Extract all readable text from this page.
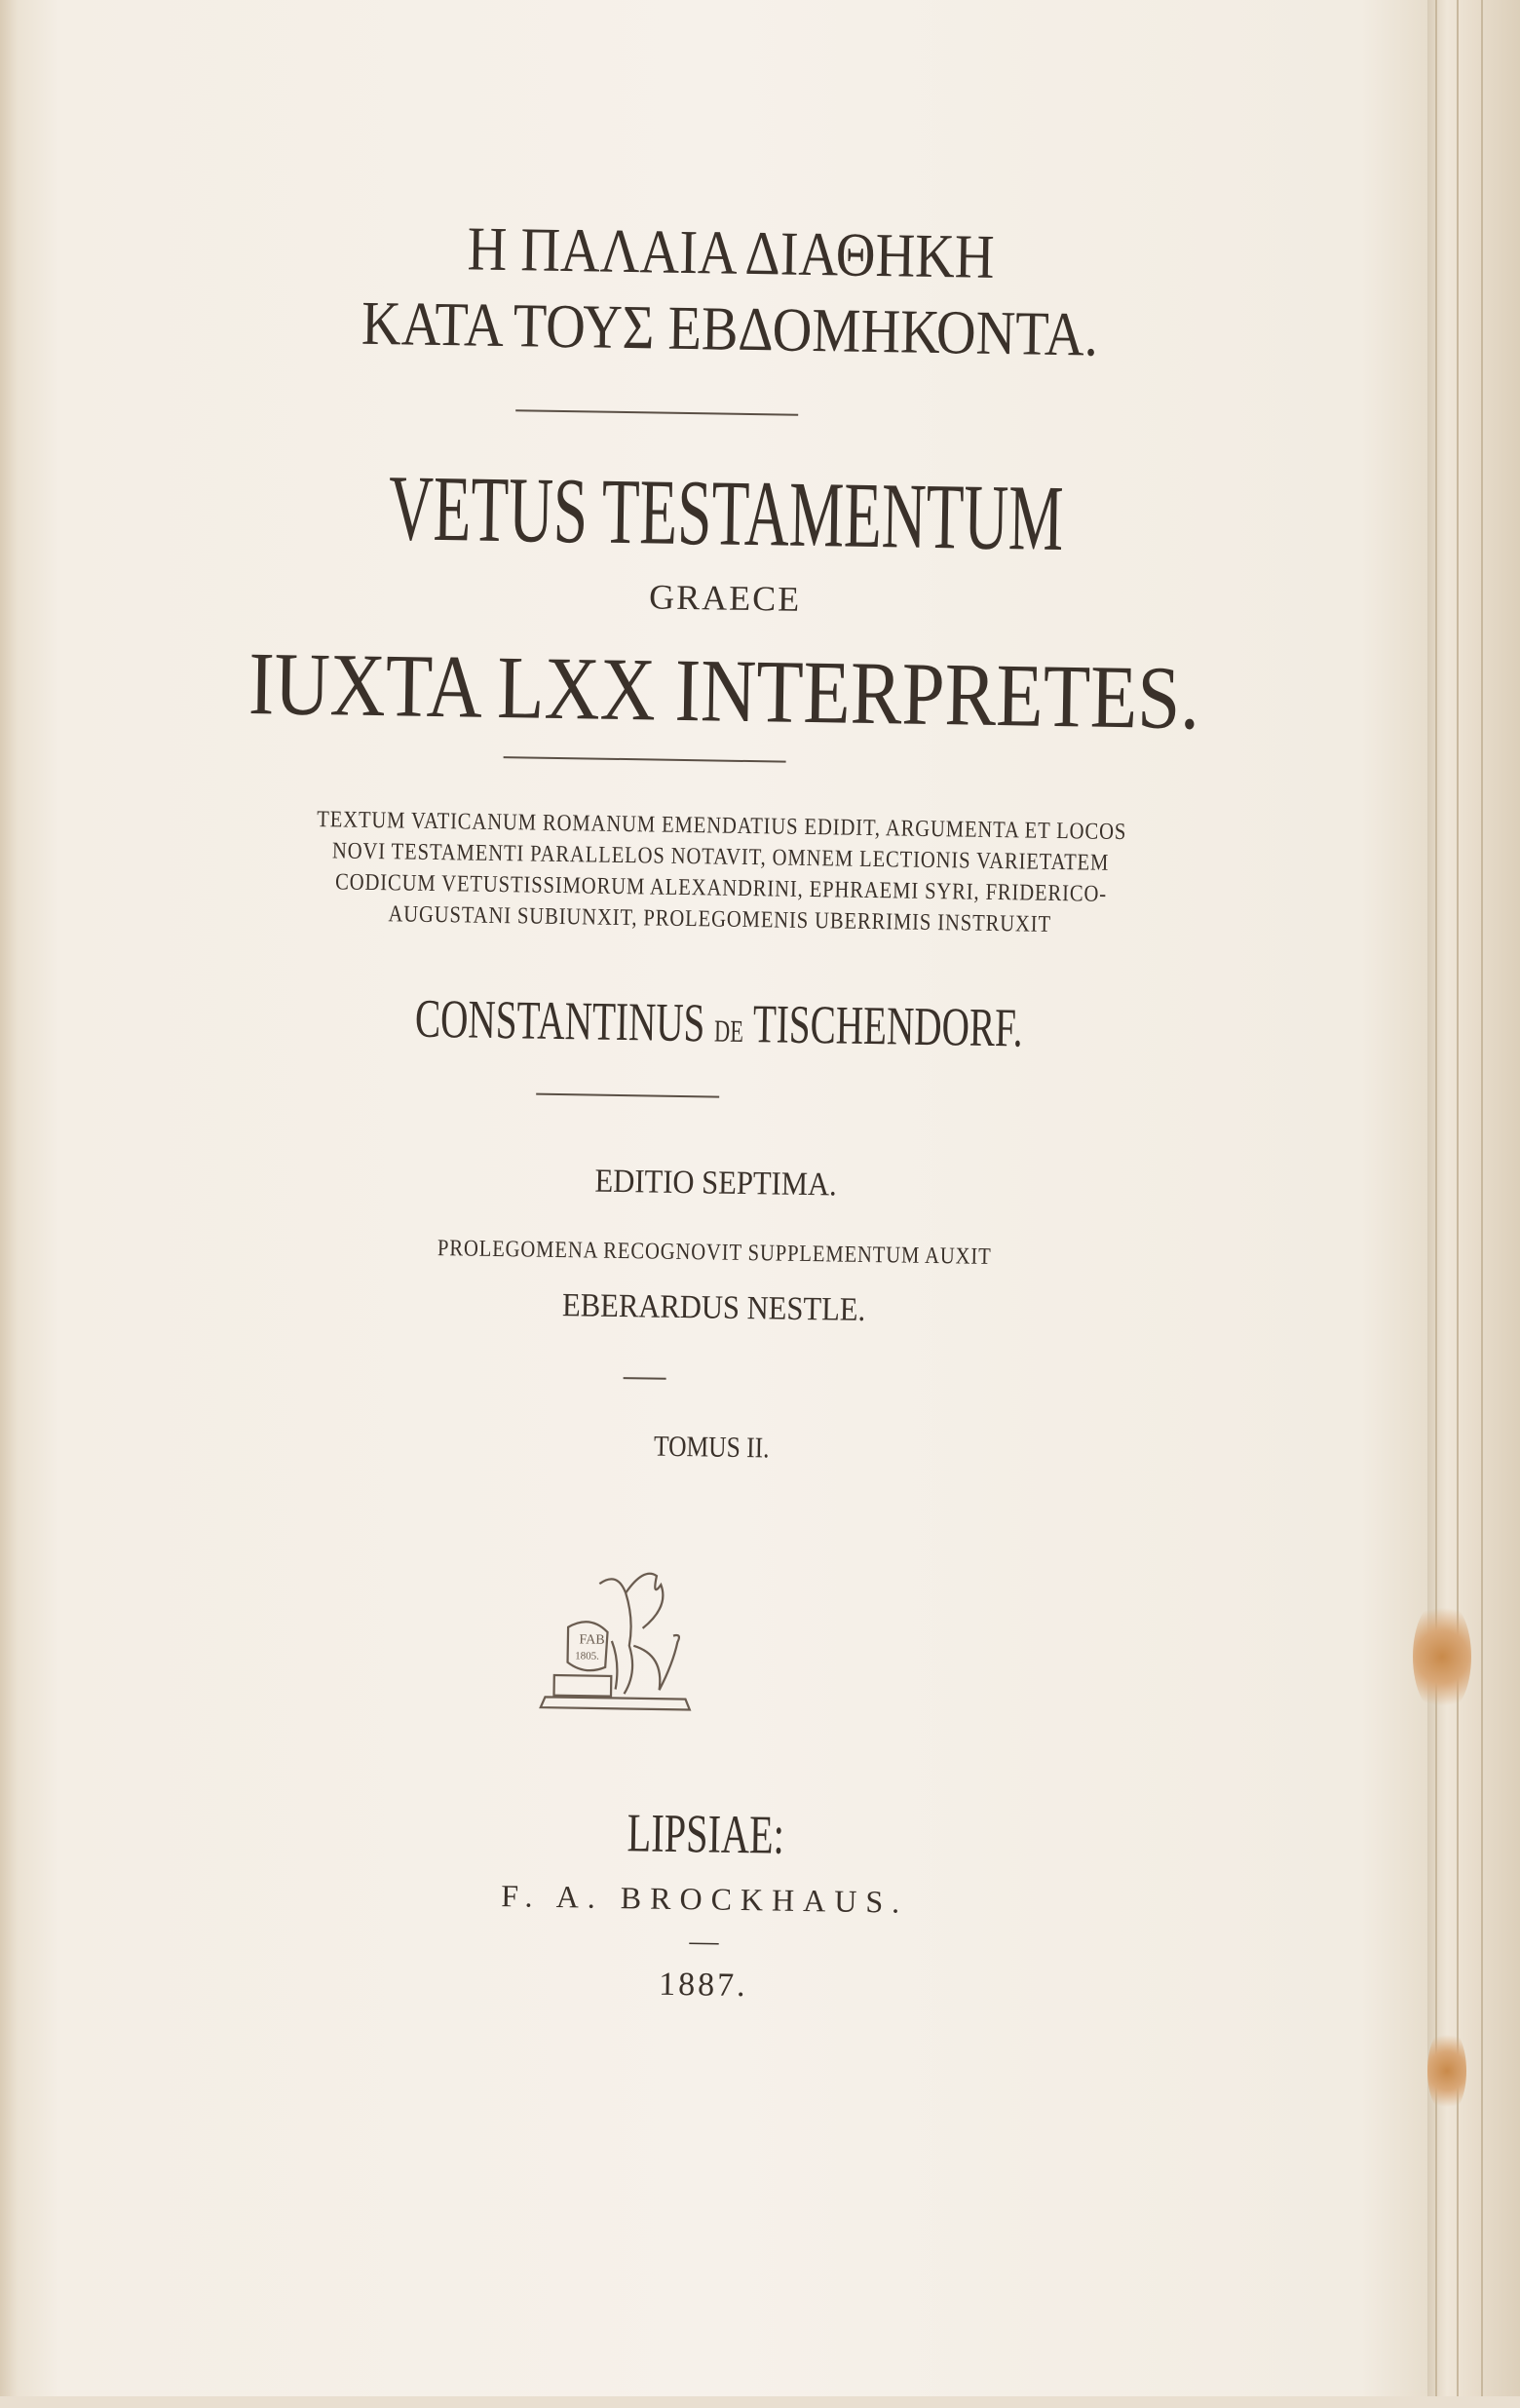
Η ΠΑΛΑΙΑ ΔΙΑΘΗΚΗ
ΚΑΤΑ ΤΟΥΣ ΕΒΔΟΜΗΚΟΝΤΑ.
VETUS TESTAMENTUM
GRAECE
IUXTA LXX INTERPRETES.
TEXTUM VATICANUM ROMANUM EMENDATIUS EDIDIT, ARGUMENTA ET LOCOS
NOVI TESTAMENTI PARALLELOS NOTAVIT, OMNEM LECTIONIS VARIETATEM
CODICUM VETUSTISSIMORUM ALEXANDRINI, EPHRAEMI SYRI, FRIDERICO-
AUGUSTANI SUBIUNXIT, PROLEGOMENIS UBERRIMIS INSTRUXIT
CONSTANTINUS DE TISCHENDORF.
EDITIO SEPTIMA.
PROLEGOMENA RECOGNOVIT SUPPLEMENTUM AUXIT
EBERARDUS NESTLE.
TOMUS II.
FAB
1805.
LIPSIAE:
F. A. BROCKHAUS.
—
1887.
